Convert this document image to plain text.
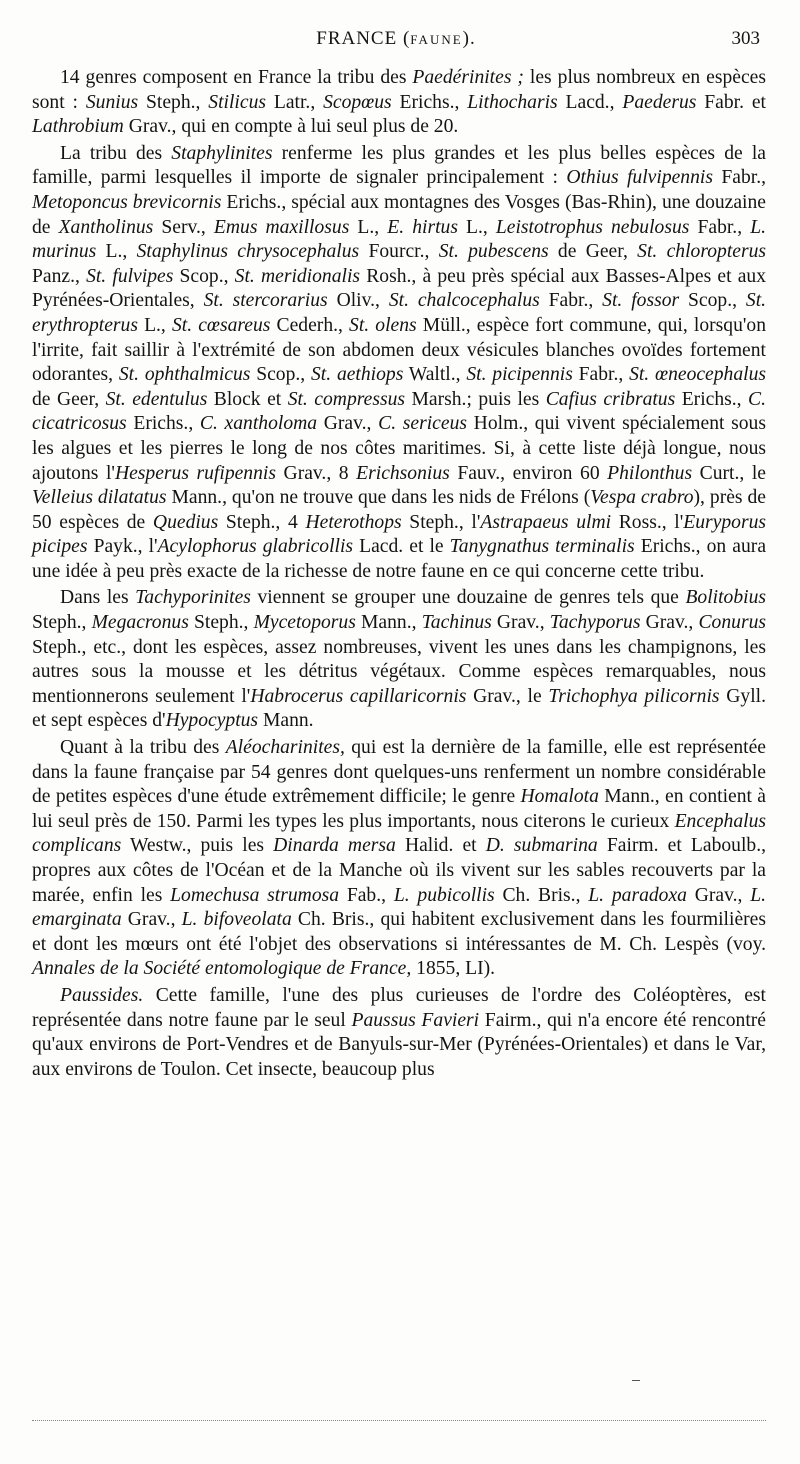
FRANCE (FAUNE).	303

14 genres composent en France la tribu des Paedérinites ; les plus nombreux en espèces sont : Sunius Steph., Stilicus Latr., Scopœus Erichs., Lithocharis Lacd., Paederus Fabr. et Lathrobium Grav., qui en compte à lui seul plus de 20.

La tribu des Staphylinites renferme les plus grandes et les plus belles espèces de la famille, parmi lesquelles il importe de signaler principalement : Othius fulvipennis Fabr., Metoponcus brevicornis Erichs., spécial aux montagnes des Vosges (Bas-Rhin), une douzaine de Xantholinus Serv., Emus maxillosus L., E. hirtus L., Leistotrophus nebulosus Fabr., L. murinus L., Staphylinus chrysocephalus Fourcr., St. pubescens de Geer, St. chloropterus Panz., St. fulvipes Scop., St. meridionalis Rosh., à peu près spécial aux Basses-Alpes et aux Pyrénées-Orientales, St. stercorarius Oliv., St. chalcocephalus Fabr., St. fossor Scop., St. erythropterus L., St. cœsareus Cederh., St. olens Müll., espèce fort commune, qui, lorsqu'on l'irrite, fait saillir à l'extrémité de son abdomen deux vésicules blanches ovoïdes fortement odorantes, St. ophthalmicus Scop., St. aethiops Waltl., St. picipennis Fabr., St. œneocephalus de Geer, St. edentulus Block et St. compressus Marsh.; puis les Cafius cribratus Erichs., C. cicatricosus Erichs., C. xantholoma Grav., C. sericeus Holm., qui vivent spécialement sous les algues et les pierres le long de nos côtes maritimes. Si, à cette liste déjà longue, nous ajoutons l'Hesperus rufipennis Grav., 8 Erichsonius Fauv., environ 60 Philonthus Curt., le Velleius dilatatus Mann., qu'on ne trouve que dans les nids de Frélons (Vespa crabro), près de 50 espèces de Quedius Steph., 4 Heterothops Steph., l'Astrapaeus ulmi Ross., l'Euryporus picipes Payk., l'Acylophorus glabricollis Lacd. et le Tanygnathus terminalis Erichs., on aura une idée à peu près exacte de la richesse de notre faune en ce qui concerne cette tribu.

Dans les Tachyporinites viennent se grouper une douzaine de genres tels que Bolitobius Steph., Megacronus Steph., Mycetoporus Mann., Tachinus Grav., Tachyporus Grav., Conurus Steph., etc., dont les espèces, assez nombreuses, vivent les unes dans les champignons, les autres sous la mousse et les détritus végétaux. Comme espèces remarquables, nous mentionnerons seulement l'Habrocerus capillaricornis Grav., le Trichophya pilicornis Gyll. et sept espèces d'Hypocyptus Mann.

Quant à la tribu des Aléocharinites, qui est la dernière de la famille, elle est représentée dans la faune française par 54 genres dont quelques-uns renferment un nombre considérable de petites espèces d'une étude extrêmement difficile; le genre Homalota Mann., en contient à lui seul près de 150. Parmi les types les plus importants, nous citerons le curieux Encephalus complicans Westw., puis les Dinarda mersa Halid. et D. submarina Fairm. et Laboulb., propres aux côtes de l'Océan et de la Manche où ils vivent sur les sables recouverts par la marée, enfin les Lomechusa strumosa Fab., L. pubicollis Ch. Bris., L. paradoxa Grav., L. emarginata Grav., L. bifoveolata Ch. Bris., qui habitent exclusivement dans les fourmilières et dont les mœurs ont été l'objet des observations si intéressantes de M. Ch. Lespès (voy. Annales de la Société entomologique de France, 1855, LI).

Paussides. Cette famille, l'une des plus curieuses de l'ordre des Coléoptères, est représentée dans notre faune par le seul Paussus Favieri Fairm., qui n'a encore été rencontré qu'aux environs de Port-Vendres et de Banyuls-sur-Mer (Pyrénées-Orientales) et dans le Var, aux environs de Toulon. Cet insecte, beaucoup plus
